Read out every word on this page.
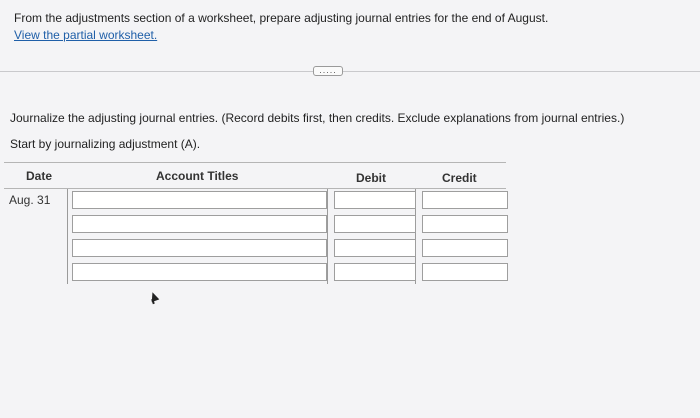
From the adjustments section of a worksheet, prepare adjusting journal entries for the end of August.
View the partial worksheet.
.....
Journalize the adjusting journal entries. (Record debits first, then credits. Exclude explanations from journal entries.)
Start by journalizing adjustment (A).
Date	Account Titles	Debit	Credit
Aug. 31
